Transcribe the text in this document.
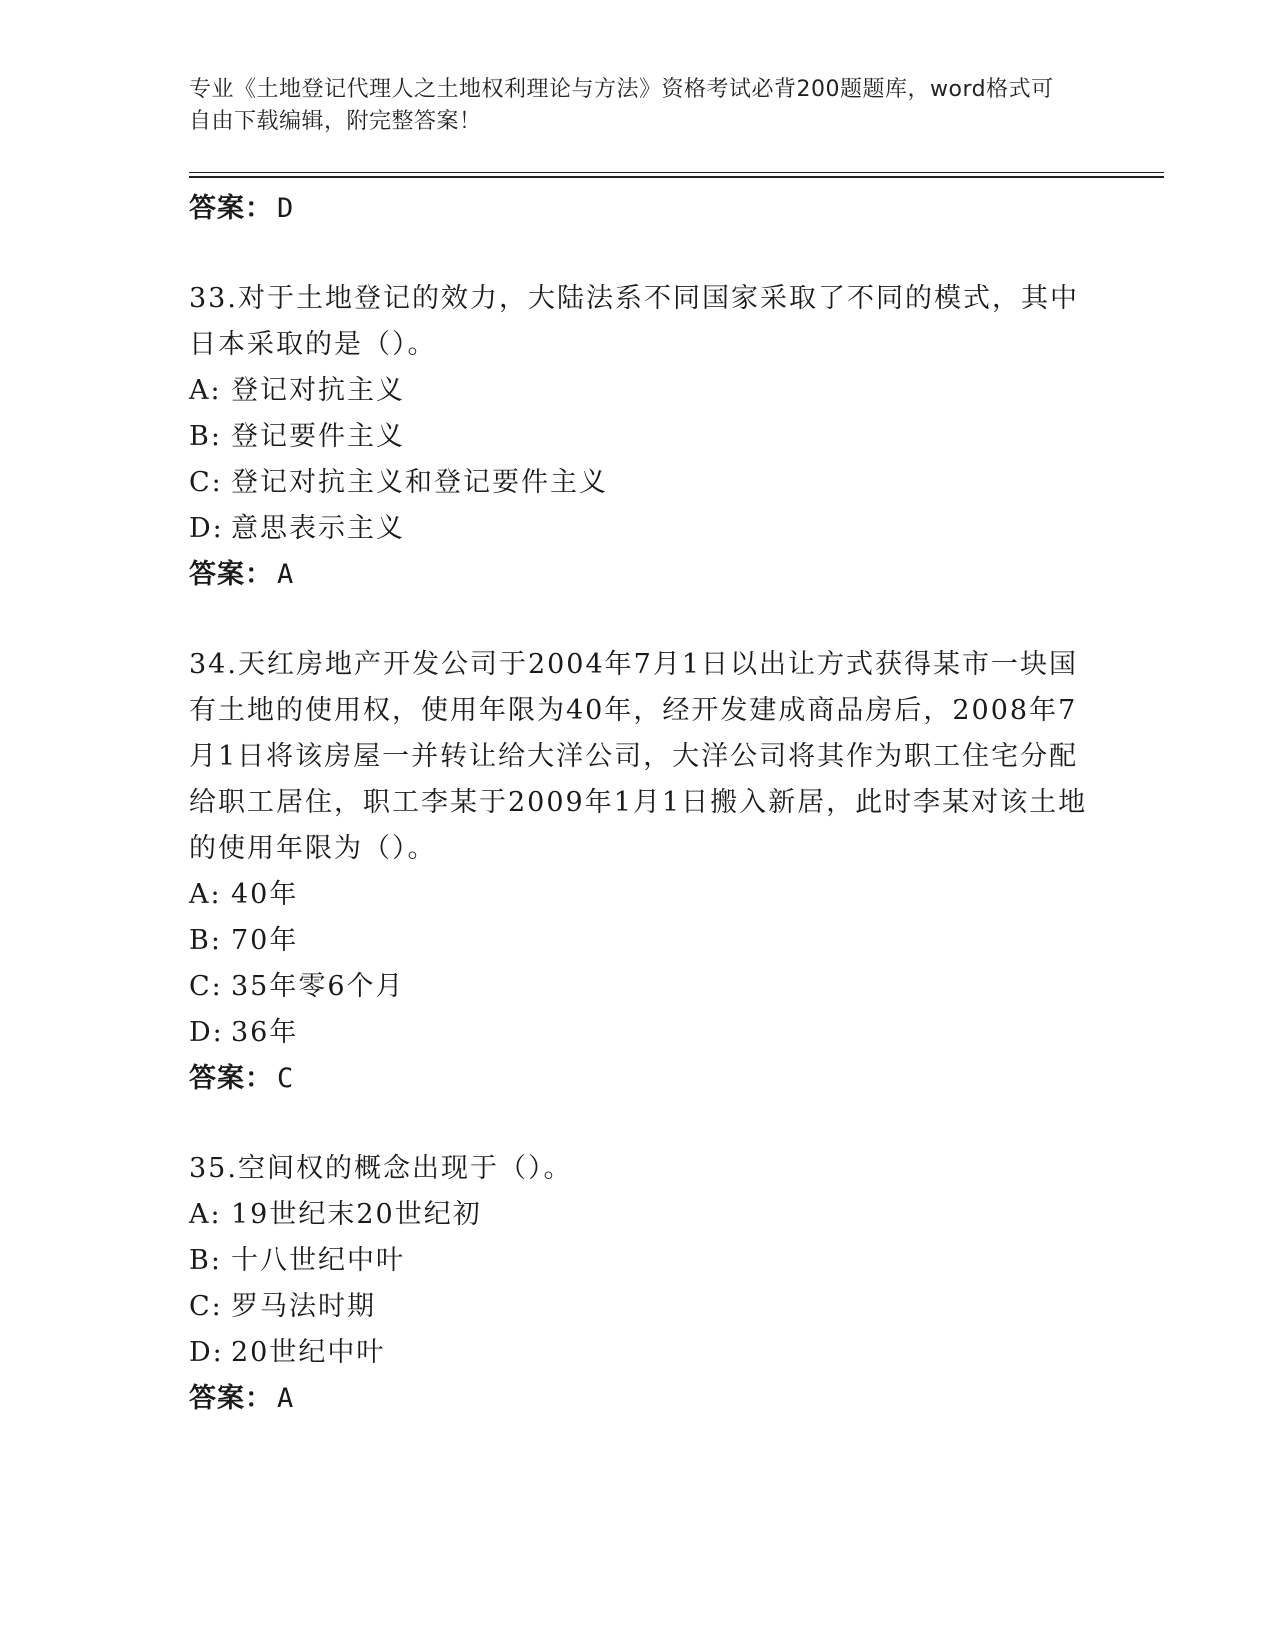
专业《土地登记代理人之土地权利理论与方法》资格考试必背200题题库，word格式可自由下载编辑，附完整答案！
答案： D
33.对于土地登记的效力，大陆法系不同国家采取了不同的模式，其中日本采取的是（）。
A: 登记对抗主义
B: 登记要件主义
C: 登记对抗主义和登记要件主义
D: 意思表示主义
答案： A
34.天红房地产开发公司于2004年7月1日以出让方式获得某市一块国有土地的使用权，使用年限为40年，经开发建成商品房后，2008年7月1日将该房屋一并转让给大洋公司，大洋公司将其作为职工住宅分配给职工居住，职工李某于2009年1月1日搬入新居，此时李某对该土地的使用年限为（）。
A: 40年
B: 70年
C: 35年零6个月
D: 36年
答案： C
35.空间权的概念出现于（）。
A: 19世纪末20世纪初
B: 十八世纪中叶
C: 罗马法时期
D: 20世纪中叶
答案： A
